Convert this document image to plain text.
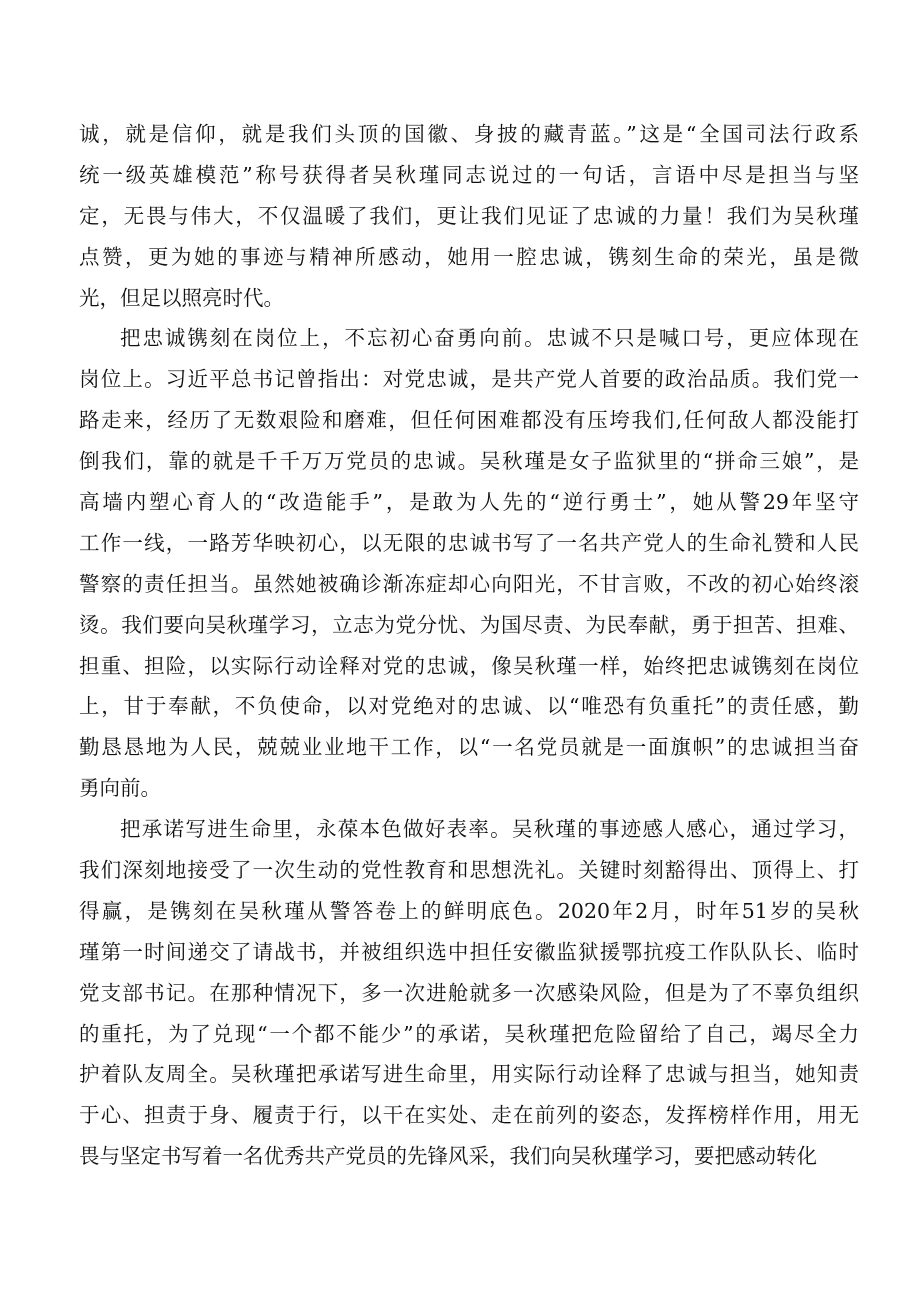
诚，就是信仰，就是我们头顶的国徽、身披的藏青蓝。”这是“全国司法行政系
统一级英雄模范”称号获得者吴秋瑾同志说过的一句话，言语中尽是担当与坚
定，无畏与伟大，不仅温暖了我们，更让我们见证了忠诚的力量！我们为吴秋瑾
点赞，更为她的事迹与精神所感动，她用一腔忠诚，镌刻生命的荣光，虽是微
光，但足以照亮时代。
把忠诚镌刻在岗位上，不忘初心奋勇向前。忠诚不只是喊口号，更应体现在
岗位上。习近平总书记曾指出：对党忠诚，是共产党人首要的政治品质。我们党一
路走来，经历了无数艰险和磨难，但任何困难都没有压垮我们,任何敌人都没能打
倒我们，靠的就是千千万万党员的忠诚。吴秋瑾是女子监狱里的“拼命三娘”，是
高墙内塑心育人的“改造能手”，是敢为人先的“逆行勇士”，她从警29年坚守
工作一线，一路芳华映初心，以无限的忠诚书写了一名共产党人的生命礼赞和人民
警察的责任担当。虽然她被确诊渐冻症却心向阳光，不甘言败，不改的初心始终滚
烫。我们要向吴秋瑾学习，立志为党分忧、为国尽责、为民奉献，勇于担苦、担难、
担重、担险，以实际行动诠释对党的忠诚，像吴秋瑾一样，始终把忠诚镌刻在岗位
上，甘于奉献，不负使命，以对党绝对的忠诚、以“唯恐有负重托”的责任感，勤
勤恳恳地为人民，兢兢业业地干工作，以“一名党员就是一面旗帜”的忠诚担当奋
勇向前。
把承诺写进生命里，永葆本色做好表率。吴秋瑾的事迹感人感心，通过学习，
我们深刻地接受了一次生动的党性教育和思想洗礼。关键时刻豁得出、顶得上、打
得赢，是镌刻在吴秋瑾从警答卷上的鲜明底色。2020年2月，时年51岁的吴秋
瑾第一时间递交了请战书，并被组织选中担任安徽监狱援鄂抗疫工作队队长、临时
党支部书记。在那种情况下，多一次进舱就多一次感染风险，但是为了不辜负组织
的重托，为了兑现“一个都不能少”的承诺，吴秋瑾把危险留给了自己，竭尽全力
护着队友周全。吴秋瑾把承诺写进生命里，用实际行动诠释了忠诚与担当，她知责
于心、担责于身、履责于行，以干在实处、走在前列的姿态，发挥榜样作用，用无
畏与坚定书写着一名优秀共产党员的先锋风采，我们向吴秋瑾学习，要把感动转化
